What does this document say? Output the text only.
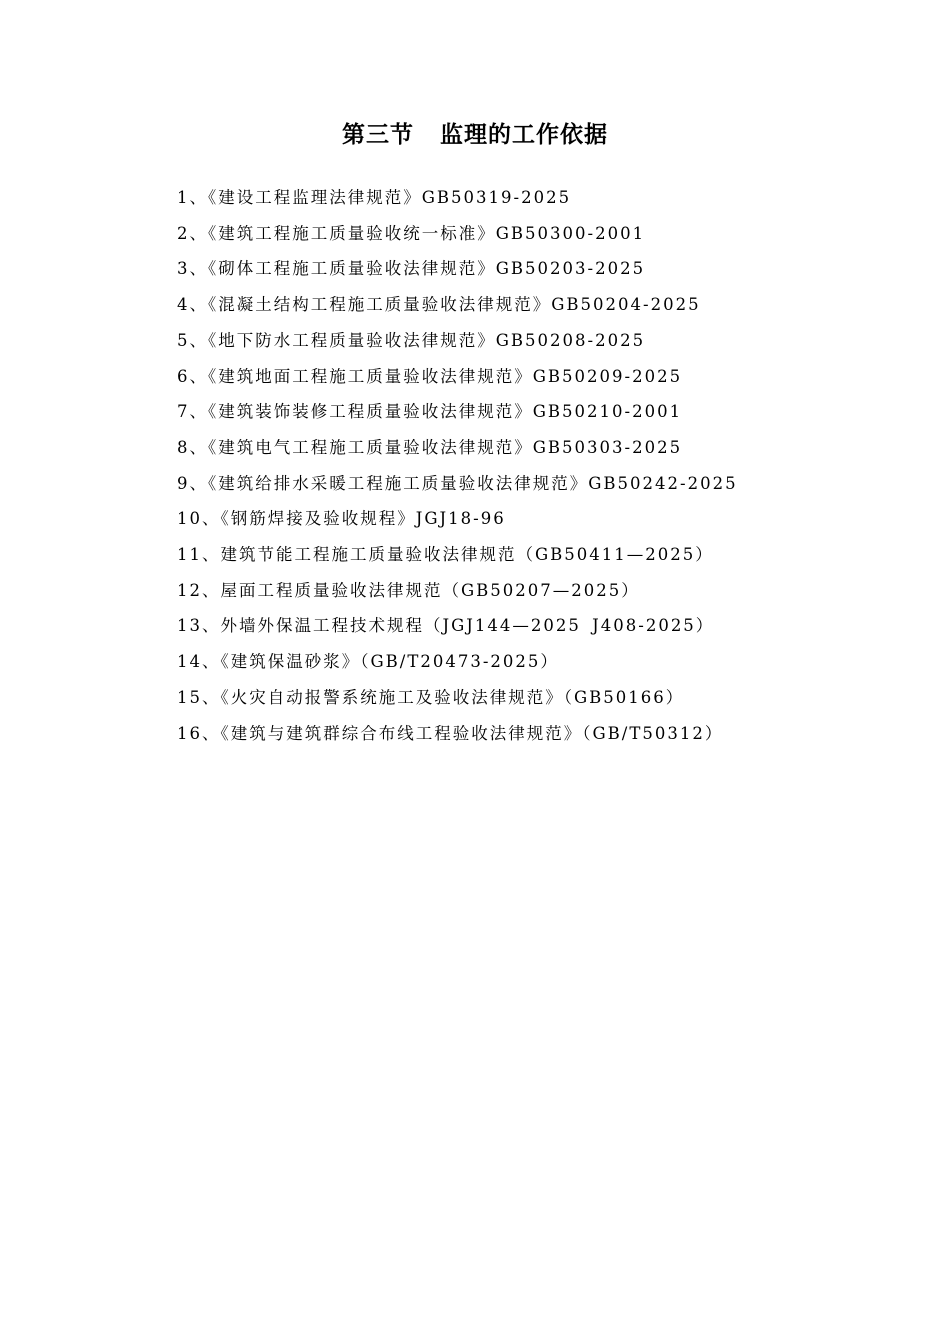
第三节 监理的工作依据

1、《建设工程监理法律规范》GB50319-2025

2、《建筑工程施工质量验收统一标准》GB50300-2001

3、《砌体工程施工质量验收法律规范》GB50203-2025

4、《混凝土结构工程施工质量验收法律规范》GB50204-2025

5、《地下防水工程质量验收法律规范》GB50208-2025

6、《建筑地面工程施工质量验收法律规范》GB50209-2025

7、《建筑装饰装修工程质量验收法律规范》GB50210-2001

8、《建筑电气工程施工质量验收法律规范》GB50303-2025

9、《建筑给排水采暖工程施工质量验收法律规范》GB50242-2025

10、《钢筋焊接及验收规程》JGJ18-96

11、建筑节能工程施工质量验收法律规范（GB50411—2025）

12、屋面工程质量验收法律规范（GB50207—2025）

13、外墙外保温工程技术规程（JGJ144—2025 J408-2025）

14、《建筑保温砂浆》（GB/T20473-2025）

15、《火灾自动报警系统施工及验收法律规范》（GB50166）

16、《建筑与建筑群综合布线工程验收法律规范》（GB/T50312）
